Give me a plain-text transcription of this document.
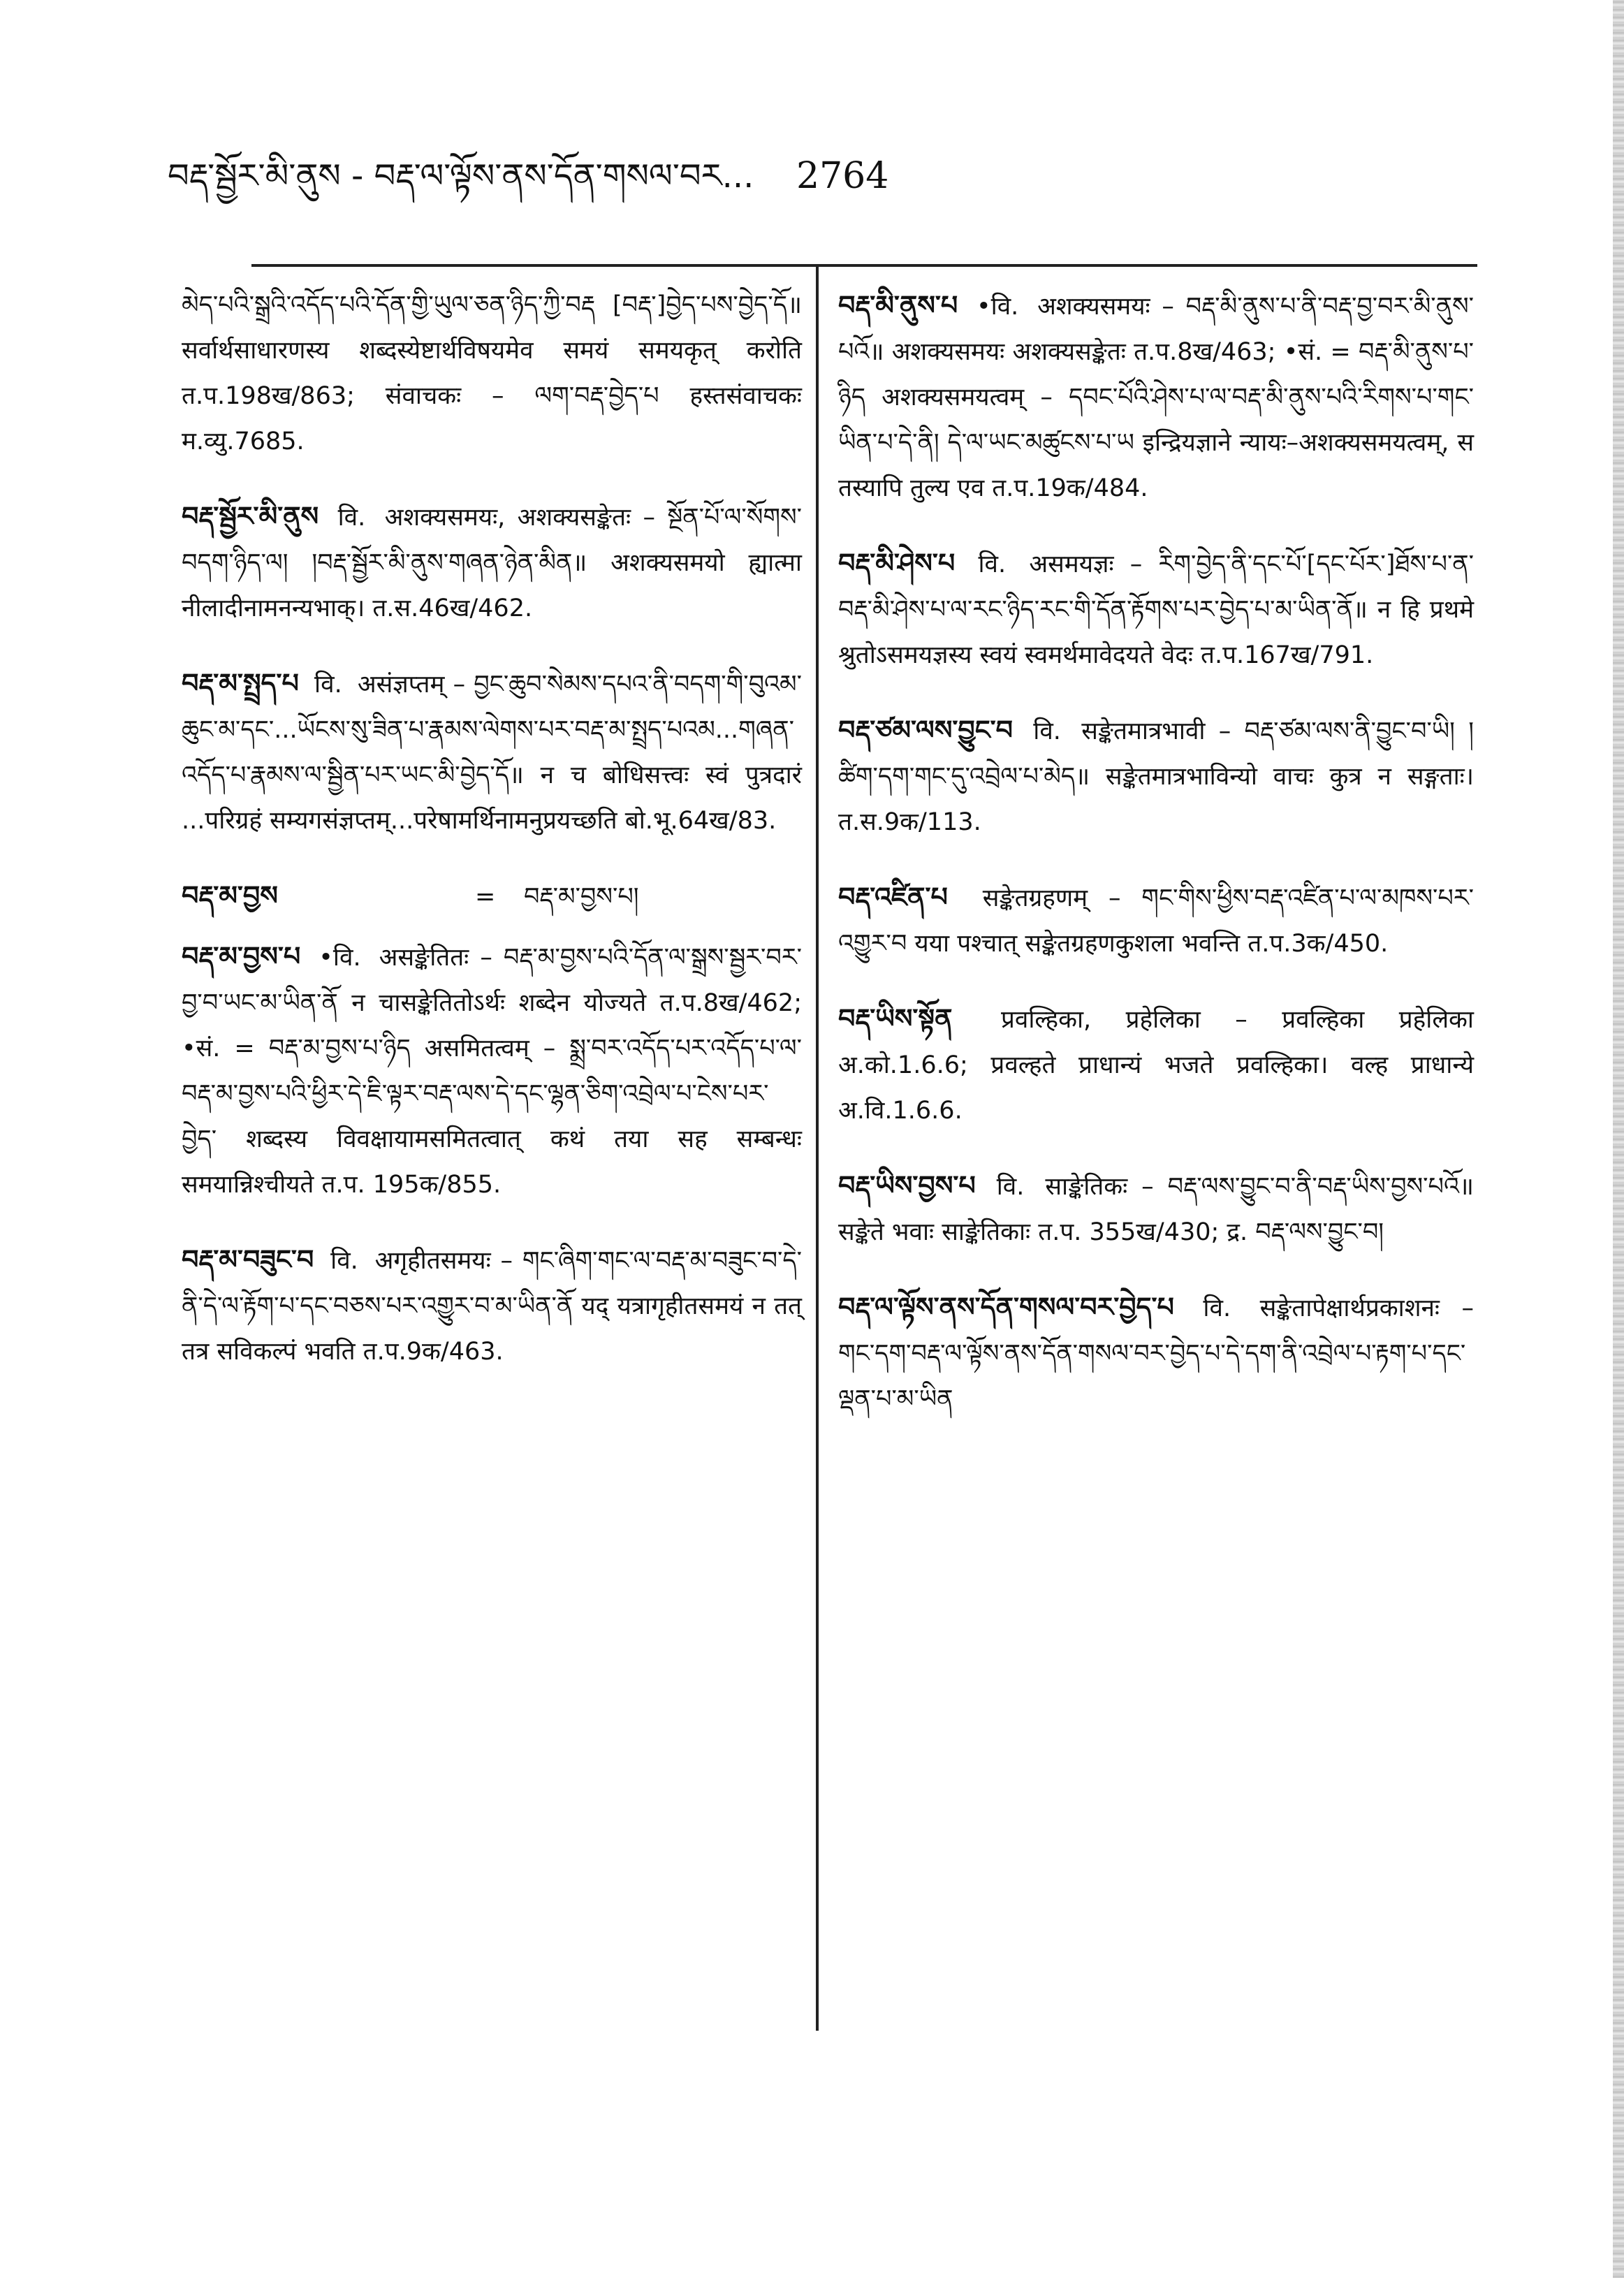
བརྡ་སྦྱོར་མི་ནུས - བརྡ་ལ་ལྟོས་ནས་དོན་གསལ་བར... 2764
མེད་པའི་སྒྲའི་འདོད་པའི་དོན་གྱི་ཡུལ་ཅན་ཉིད་ཀྱི་བརྡ [བརྡ་]བྱེད་པས་བྱེད་དོ॥ सर्वार्थसाधारणस्य शब्दस्येष्टार्थविषयमेव समयं समयकृत् करोति त.प.198ख/863; संवाचकः – ལག་བརྡ་བྱེད་པ हस्तसंवाचकः म.व्यु.7685.
བརྡ་སྦྱོར་མི་ནུས वि. अशक्यसमयः, अशक्यसङ्केतः – སྔོན་པོ་ལ་སོགས་བདག་ཉིད་ལ། །བརྡ་སྦྱོར་མི་ནུས་གཞན་ཉེན་མིན॥ अशक्यसमयो ह्यात्मा नीलादीनामनन्यभाक्। त.स.46ख/462.
བརྡ་མ་སྤྲད་པ वि. असंज्ञप्तम् – བྱང་ཆུབ་སེམས་དཔའ་ནི་བདག་གི་བུའམ་ཆུང་མ་དང་...ཡོངས་སུ་ཟིན་པ་རྣམས་ལེགས་པར་བརྡ་མ་སྤྲད་པའམ...གཞན་འདོད་པ་རྣམས་ལ་སྦྱིན་པར་ཡང་མི་བྱེད་དོ॥ न च बोधिसत्त्वः स्वं पुत्रदारं ...परिग्रहं सम्यगसंज्ञप्तम्...परेषामर्थिनामनुप्रयच्छति बो.भू.64ख/83.
བརྡ་མ་བྱས	= བརྡ་མ་བྱས་པ།
བརྡ་མ་བྱས་པ •वि. असङ्केतितः – བརྡ་མ་བྱས་པའི་དོན་ལ་སྒྲས་སྦྱར་བར་བྱ་བ་ཡང་མ་ཡིན་ནོ न चासङ्केतितोऽर्थः शब्देन योज्यते त.प.8ख/462; •सं. = བརྡ་མ་བྱས་པ་ཉིད असमितत्वम् – སྨྲ་བར་འདོད་པར་འདོད་པ་ལ་བརྡ་མ་བྱས་པའི་ཕྱིར་དེ་ཇི་ལྟར་བརྡ་ལས་དེ་དང་ལྷན་ཅིག་འབྲེལ་པ་ངེས་པར་བྱེད་ शब्दस्य विवक्षायामसमितत्वात् कथं तया सह सम्बन्धः समयान्निश्चीयते त.प. 195क/855.
བརྡ་མ་བཟུང་བ वि. अगृहीतसमयः – གང་ཞིག་གང་ལ་བརྡ་མ་བཟུང་བ་དེ་ནི་དེ་ལ་རྟོག་པ་དང་བཅས་པར་འགྱུར་བ་མ་ཡིན་ནོ यद् यत्रागृहीतसमयं न तत् तत्र सविकल्पं भवति त.प.9क/463.
བརྡ་མི་ནུས་པ •वि. अशक्यसमयः – བརྡ་མི་ནུས་པ་ནི་བརྡ་བྱ་བར་མི་ནུས་པའོ॥ अशक्यसमयः अशक्यसङ्केतः त.प.8ख/463; •सं. = བརྡ་མི་ནུས་པ་ཉིད अशक्यसमयत्वम् – དབང་པོའི་ཤེས་པ་ལ་བརྡ་མི་ནུས་པའི་རིགས་པ་གང་ཡིན་པ་དེ་ནི། དེ་ལ་ཡང་མཚུངས་པ་ཡ इन्द्रियज्ञाने न्यायः–अशक्यसमयत्वम्, स तस्यापि तुल्य एव त.प.19क/484.
བརྡ་མི་ཤེས་པ वि. असमयज्ञः – རིག་བྱེད་ནི་དང་པོ་[དང་པོར་]ཐོས་པ་ན་བརྡ་མི་ཤེས་པ་ལ་རང་ཉིད་རང་གི་དོན་རྟོགས་པར་བྱེད་པ་མ་ཡིན་ནོ॥ न हि प्रथमे श्रुतोऽसमयज्ञस्य स्वयं स्वमर्थमावेदयते वेदः त.प.167ख/791.
བརྡ་ཙམ་ལས་བྱུང་བ वि. सङ्केतमात्रभावी – བརྡ་ཙམ་ལས་ནི་བྱུང་བ་ཡི། །ཚིག་དག་གང་དུ་འབྲེལ་པ་མེད॥ सङ्केतमात्रभाविन्यो वाचः कुत्र न सङ्गताः। त.स.9क/113.
བརྡ་འཛིན་པ सङ्केतग्रहणम् – གང་གིས་ཕྱིས་བརྡ་འཛིན་པ་ལ་མཁས་པར་འགྱུར་བ यया पश्चात् सङ्केतग्रहणकुशला भवन्ति त.प.3क/450.
བརྡ་ཡིས་སྟོན प्रवल्हिका, प्रहेलिका – प्रवल्हिका प्रहेलिका अ.को.1.6.6; प्रवल्हते प्राधान्यं भजते प्रवल्हिका। वल्ह प्राधान्ये अ.वि.1.6.6.
བརྡ་ཡིས་བྱས་པ वि. साङ्केतिकः – བརྡ་ལས་བྱུང་བ་ནི་བརྡ་ཡིས་བྱས་པའོ॥ सङ्केते भवाः साङ्केतिकाः त.प. 355ख/430; द्र. བརྡ་ལས་བྱུང་བ།
བརྡ་ལ་ལྟོས་ནས་དོན་གསལ་བར་བྱེད་པ वि. सङ्केतापेक्षार्थप्रकाशनः – གང་དག་བརྡ་ལ་ལྟོས་ནས་དོན་གསལ་བར་བྱེད་པ་དེ་དག་ནི་འབྲེལ་པ་རྟག་པ་དང་ལྡན་པ་མ་ཡིན
